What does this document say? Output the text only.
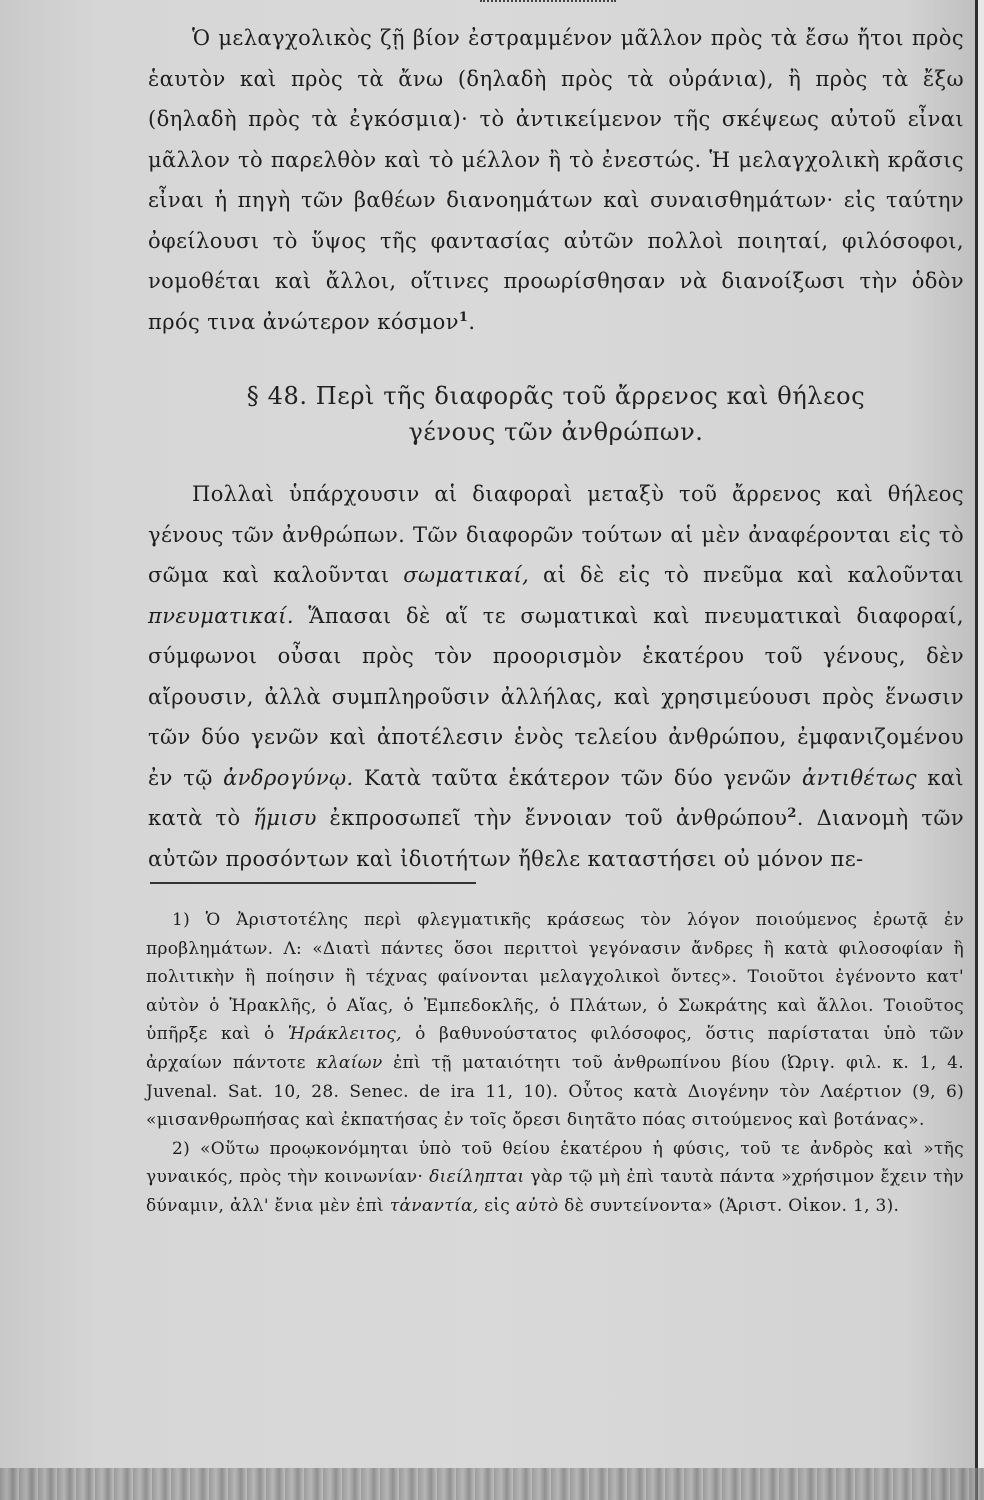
Ὁ μελαγχολικὸς ζῇ βίον ἐστραμμένον μᾶλλον πρὸς τὰ ἔσω ἤτοι πρὸς ἑαυτὸν καὶ πρὸς τὰ ἄνω (δηλαδὴ πρὸς τὰ οὐράνια), ἢ πρὸς τὰ ἔξω (δηλαδὴ πρὸς τὰ ἐγκόσμια)· τὸ ἀντικείμενον τῆς σκέψεως αὐτοῦ εἶναι μᾶλλον τὸ παρελθὸν καὶ τὸ μέλλον ἢ τὸ ἐνεστώς. Ἡ μελαγχολικὴ κρᾶσις εἶναι ἡ πηγὴ τῶν βαθέων διανοημάτων καὶ συναισθημάτων· εἰς ταύτην ὀφείλουσι τὸ ὕψος τῆς φαντασίας αὐτῶν πολλοὶ ποιηταί, φιλόσοφοι, νομοθέται καὶ ἄλλοι, οἵτινες προωρίσθησαν νὰ διανοίξωσι τὴν ὁδὸν πρός τινα ἀνώτερον κόσμον$^1$.

§ 48. Περὶ τῆς διαφορᾶς τοῦ ἄρρενος καὶ θήλεος
γένους τῶν ἀνθρώπων.

Πολλαὶ ὑπάρχουσιν αἱ διαφοραὶ μεταξὺ τοῦ ἄρρενος καὶ θήλεος γένους τῶν ἀνθρώπων. Τῶν διαφορῶν τούτων αἱ μὲν ἀναφέρονται εἰς τὸ σῶμα καὶ καλοῦνται σωματικαί, αἱ δὲ εἰς τὸ πνεῦμα καὶ καλοῦνται πνευματικαί. Ἅπασαι δὲ αἵ τε σωματικαὶ καὶ πνευματικαὶ διαφοραί, σύμφωνοι οὖσαι πρὸς τὸν προορισμὸν ἑκατέρου τοῦ γένους, δὲν αἴρουσιν, ἀλλὰ συμπληροῦσιν ἀλλήλας, καὶ χρησιμεύουσι πρὸς ἕνωσιν τῶν δύο γενῶν καὶ ἀποτέλεσιν ἑνὸς τελείου ἀνθρώπου, ἐμφανιζομένου ἐν τῷ ἀνδρογύνῳ. Κατὰ ταῦτα ἑκάτερον τῶν δύο γενῶν ἀντιθέτως καὶ κατὰ τὸ ἥμισυ ἐκπροσωπεῖ τὴν ἔννοιαν τοῦ ἀνθρώπου$^2$. Διανομὴ τῶν αὐτῶν προσόντων καὶ ἰδιοτήτων ἤθελε καταστήσει οὐ μόνον πε-

1) Ὁ Ἀριστοτέλης περὶ φλεγματικῆς κράσεως τὸν λόγον ποιούμενος ἐρωτᾷ ἐν προβλημάτων. Λ: «Διατὶ πάντες ὅσοι περιττοὶ γεγόνασιν ἄνδρες ἢ κατὰ φιλοσοφίαν ἢ πολιτικὴν ἢ ποίησιν ἢ τέχνας φαίνονται μελαγχολικοὶ ὄντες». Τοιοῦτοι ἐγένοντο κατ' αὐτὸν ὁ Ἡρακλῆς, ὁ Αἴας, ὁ Ἐμπεδοκλῆς, ὁ Πλάτων, ὁ Σωκράτης καὶ ἄλλοι. Τοιοῦτος ὑπῆρξε καὶ ὁ Ἡράκλειτος, ὁ βαθυνούστατος φιλόσοφος, ὅστις παρίσταται ὑπὸ τῶν ἀρχαίων πάντοτε κλαίων ἐπὶ τῇ ματαιότητι τοῦ ἀνθρωπίνου βίου (Ὠριγ. φιλ. κ. 1, 4. Juvenal. Sat. 10, 28. Senec. de ira 11, 10). Οὗτος κατὰ Διογένην τὸν Λαέρτιον (9, 6) «μισανθρωπήσας καὶ ἐκπατήσας ἐν τοῖς ὄρεσι διητᾶτο πόας σιτούμενος καὶ βοτάνας».

2) «Οὕτω προῳκονόμηται ὑπὸ τοῦ θείου ἑκατέρου ἡ φύσις, τοῦ τε ἀνδρὸς καὶ »τῆς γυναικός, πρὸς τὴν κοινωνίαν· διείληπται γὰρ τῷ μὴ ἐπὶ ταυτὰ πάντα »χρήσιμον ἔχειν τὴν δύναμιν, ἀλλ' ἔνια μὲν ἐπὶ τἀναντία, εἰς αὐτὸ δὲ συντείνοντα» (Ἀριστ. Οἰκον. 1, 3).
